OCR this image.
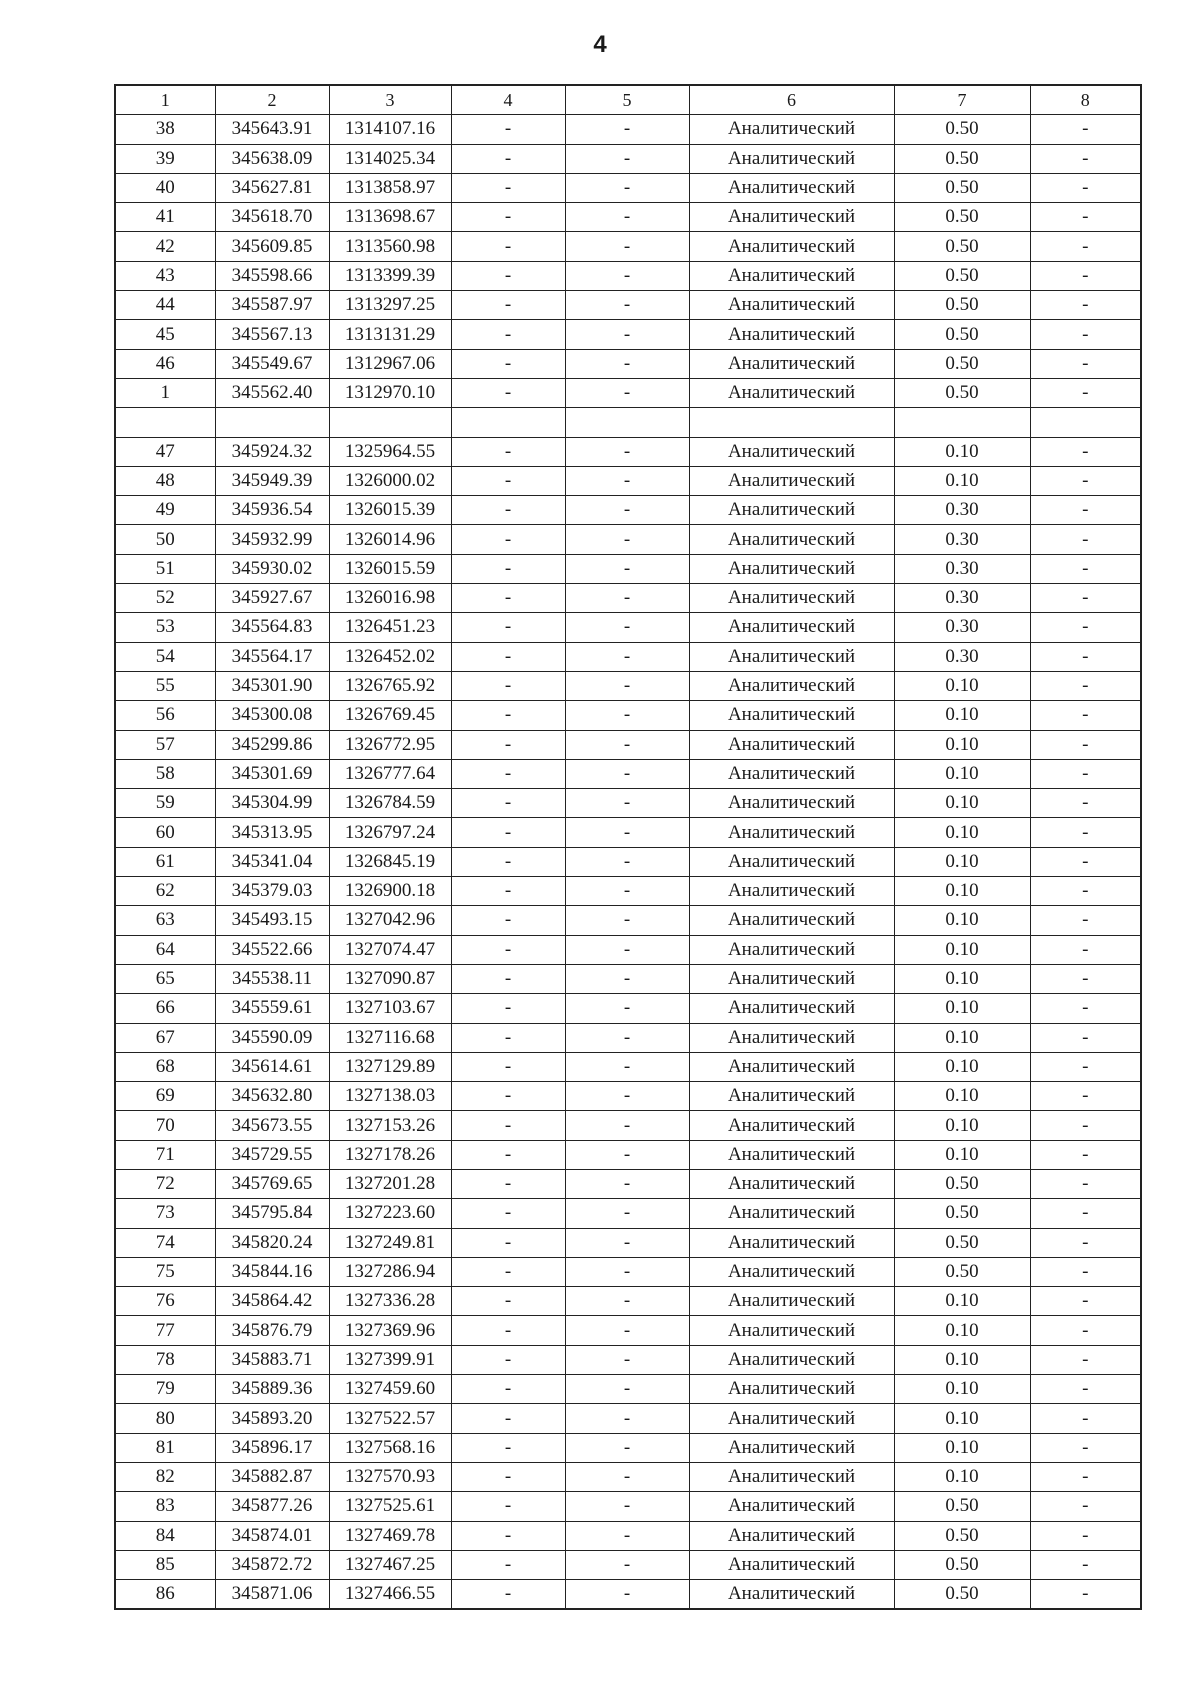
4
1	2	3	4	5	6	7	8
38	345643.91	1314107.16	-	-	Аналитический	0.50	-
39	345638.09	1314025.34	-	-	Аналитический	0.50	-
40	345627.81	1313858.97	-	-	Аналитический	0.50	-
41	345618.70	1313698.67	-	-	Аналитический	0.50	-
42	345609.85	1313560.98	-	-	Аналитический	0.50	-
43	345598.66	1313399.39	-	-	Аналитический	0.50	-
44	345587.97	1313297.25	-	-	Аналитический	0.50	-
45	345567.13	1313131.29	-	-	Аналитический	0.50	-
46	345549.67	1312967.06	-	-	Аналитический	0.50	-
1	345562.40	1312970.10	-	-	Аналитический	0.50	-

47	345924.32	1325964.55	-	-	Аналитический	0.10	-
48	345949.39	1326000.02	-	-	Аналитический	0.10	-
49	345936.54	1326015.39	-	-	Аналитический	0.30	-
50	345932.99	1326014.96	-	-	Аналитический	0.30	-
51	345930.02	1326015.59	-	-	Аналитический	0.30	-
52	345927.67	1326016.98	-	-	Аналитический	0.30	-
53	345564.83	1326451.23	-	-	Аналитический	0.30	-
54	345564.17	1326452.02	-	-	Аналитический	0.30	-
55	345301.90	1326765.92	-	-	Аналитический	0.10	-
56	345300.08	1326769.45	-	-	Аналитический	0.10	-
57	345299.86	1326772.95	-	-	Аналитический	0.10	-
58	345301.69	1326777.64	-	-	Аналитический	0.10	-
59	345304.99	1326784.59	-	-	Аналитический	0.10	-
60	345313.95	1326797.24	-	-	Аналитический	0.10	-
61	345341.04	1326845.19	-	-	Аналитический	0.10	-
62	345379.03	1326900.18	-	-	Аналитический	0.10	-
63	345493.15	1327042.96	-	-	Аналитический	0.10	-
64	345522.66	1327074.47	-	-	Аналитический	0.10	-
65	345538.11	1327090.87	-	-	Аналитический	0.10	-
66	345559.61	1327103.67	-	-	Аналитический	0.10	-
67	345590.09	1327116.68	-	-	Аналитический	0.10	-
68	345614.61	1327129.89	-	-	Аналитический	0.10	-
69	345632.80	1327138.03	-	-	Аналитический	0.10	-
70	345673.55	1327153.26	-	-	Аналитический	0.10	-
71	345729.55	1327178.26	-	-	Аналитический	0.10	-
72	345769.65	1327201.28	-	-	Аналитический	0.50	-
73	345795.84	1327223.60	-	-	Аналитический	0.50	-
74	345820.24	1327249.81	-	-	Аналитический	0.50	-
75	345844.16	1327286.94	-	-	Аналитический	0.50	-
76	345864.42	1327336.28	-	-	Аналитический	0.10	-
77	345876.79	1327369.96	-	-	Аналитический	0.10	-
78	345883.71	1327399.91	-	-	Аналитический	0.10	-
79	345889.36	1327459.60	-	-	Аналитический	0.10	-
80	345893.20	1327522.57	-	-	Аналитический	0.10	-
81	345896.17	1327568.16	-	-	Аналитический	0.10	-
82	345882.87	1327570.93	-	-	Аналитический	0.10	-
83	345877.26	1327525.61	-	-	Аналитический	0.50	-
84	345874.01	1327469.78	-	-	Аналитический	0.50	-
85	345872.72	1327467.25	-	-	Аналитический	0.50	-
86	345871.06	1327466.55	-	-	Аналитический	0.50	-
